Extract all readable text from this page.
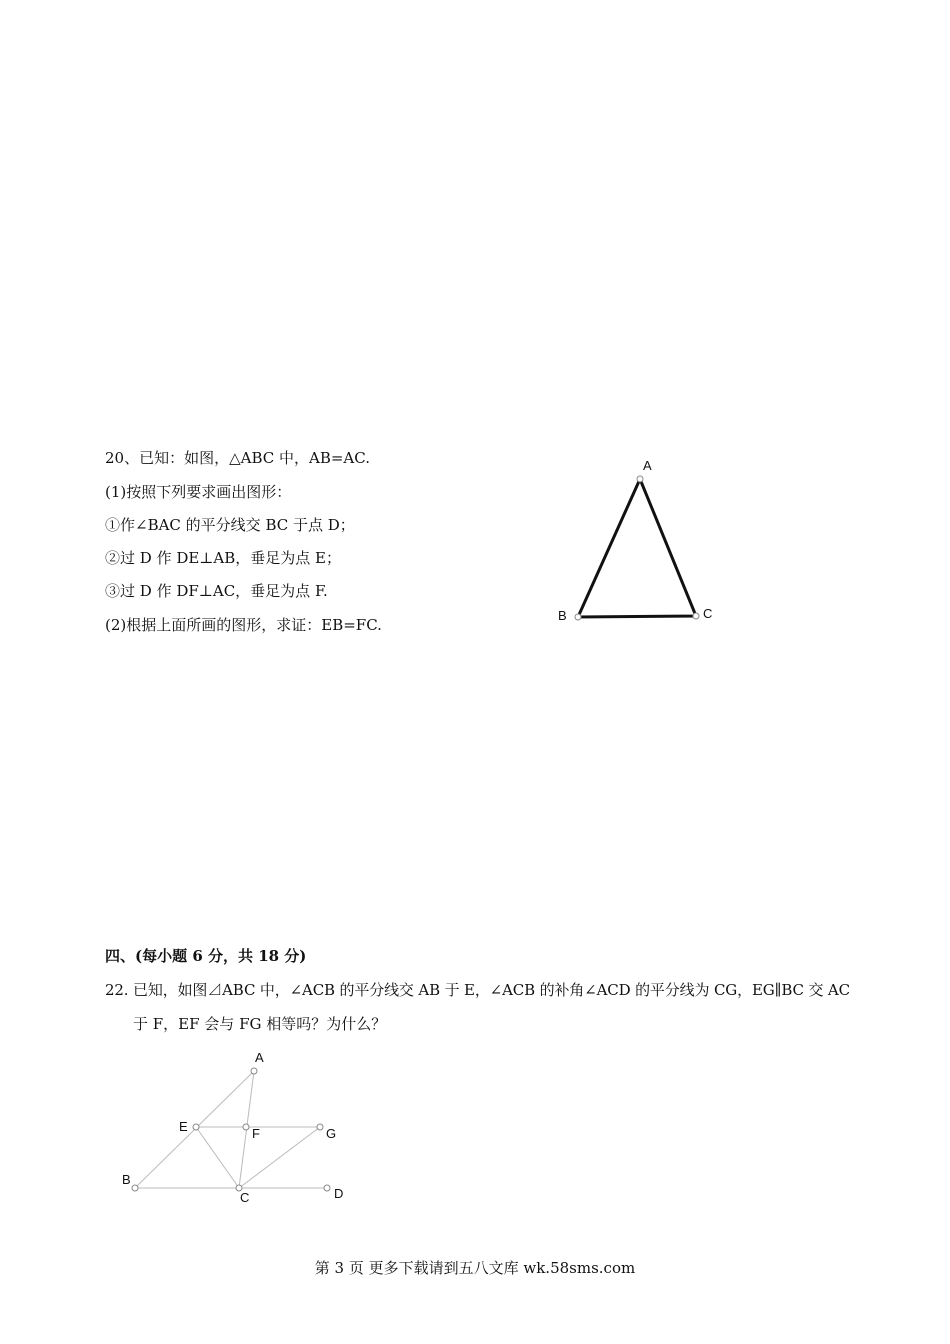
20、已知：如图，△ABC 中，AB=AC.
(1)按照下列要求画出图形：
①作∠BAC 的平分线交 BC 于点 D；
②过 D 作 DE⊥AB，垂足为点 E；
③过 D 作 DF⊥AC，垂足为点 F.
(2)根据上面所画的图形，求证：EB=FC.
A
B	C
四、(每小题 6 分，共 18 分)
22. 已知，如图⊿ABC 中，∠ACB 的平分线交 AB 于 E，∠ACB 的补角∠ACD 的平分线为 CG，EG∥BC 交 AC
于 F，EF 会与 FG 相等吗？为什么？
A
B
C	D
E	F	G
第 3 页 更多下载请到五八文库 wk.58sms.com
